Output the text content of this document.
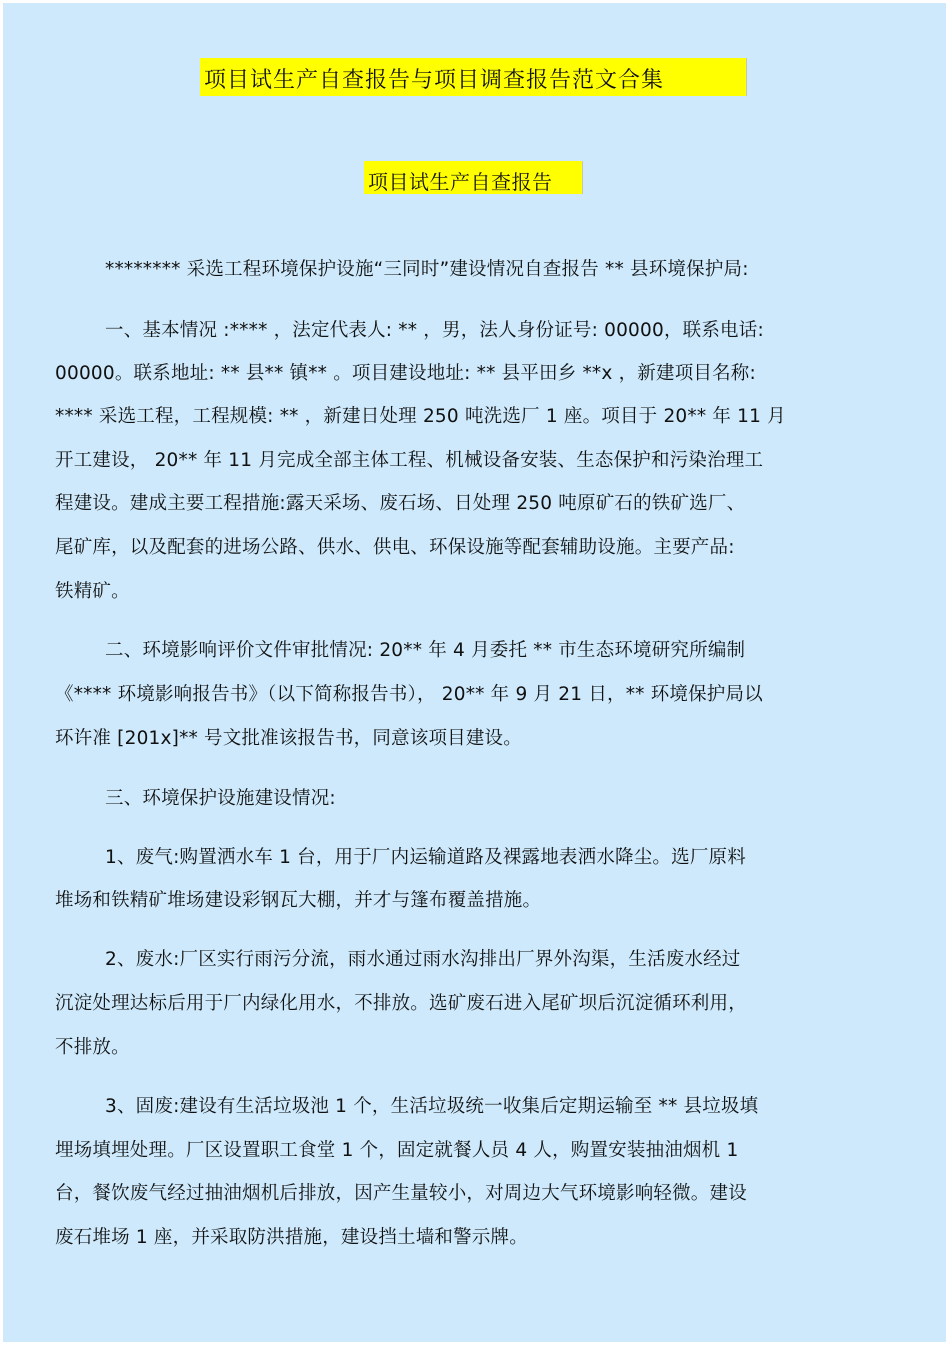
项目试生产自查报告与项目调查报告范文合集
项目试生产自查报告
******** 采选工程环境保护设施“三同时”建设情况自查报告 ** 县环境保护局:
一、基本情况 :**** ，法定代表人: ** ，男，法人身份证号: 00000，联系电话:
00000。联系地址: ** 县** 镇** 。项目建设地址: ** 县平田乡 **x ，新建项目名称:
**** 采选工程，工程规模: ** ，新建日处理 250 吨洗选厂 1 座。项目于 20** 年 11 月
开工建设， 20** 年 11 月完成全部主体工程、机械设备安装、生态保护和污染治理工
程建设。建成主要工程措施:露天采场、废石场、日处理 250 吨原矿石的铁矿选厂、
尾矿库，以及配套的进场公路、供水、供电、环保设施等配套辅助设施。主要产品:
铁精矿。
二、环境影响评价文件审批情况: 20** 年 4 月委托 ** 市生态环境研究所编制
《**** 环境影响报告书》（以下简称报告书）， 20** 年 9 月 21 日，** 环境保护局以
环许准 [201x]** 号文批准该报告书，同意该项目建设。
三、环境保护设施建设情况:
1、废气:购置洒水车 1 台，用于厂内运输道路及裸露地表洒水降尘。选厂原料
堆场和铁精矿堆场建设彩钢瓦大棚，并才与篷布覆盖措施。
2、废水:厂区实行雨污分流，雨水通过雨水沟排出厂界外沟渠，生活废水经过
沉淀处理达标后用于厂内绿化用水，不排放。选矿废石进入尾矿坝后沉淀循环利用，
不排放。
3、固废:建设有生活垃圾池 1 个，生活垃圾统一收集后定期运输至 ** 县垃圾填
埋场填埋处理。厂区设置职工食堂 1 个，固定就餐人员 4 人，购置安装抽油烟机 1
台，餐饮废气经过抽油烟机后排放，因产生量较小，对周边大气环境影响轻微。建设
废石堆场 1 座，并采取防洪措施，建设挡土墙和警示牌。
